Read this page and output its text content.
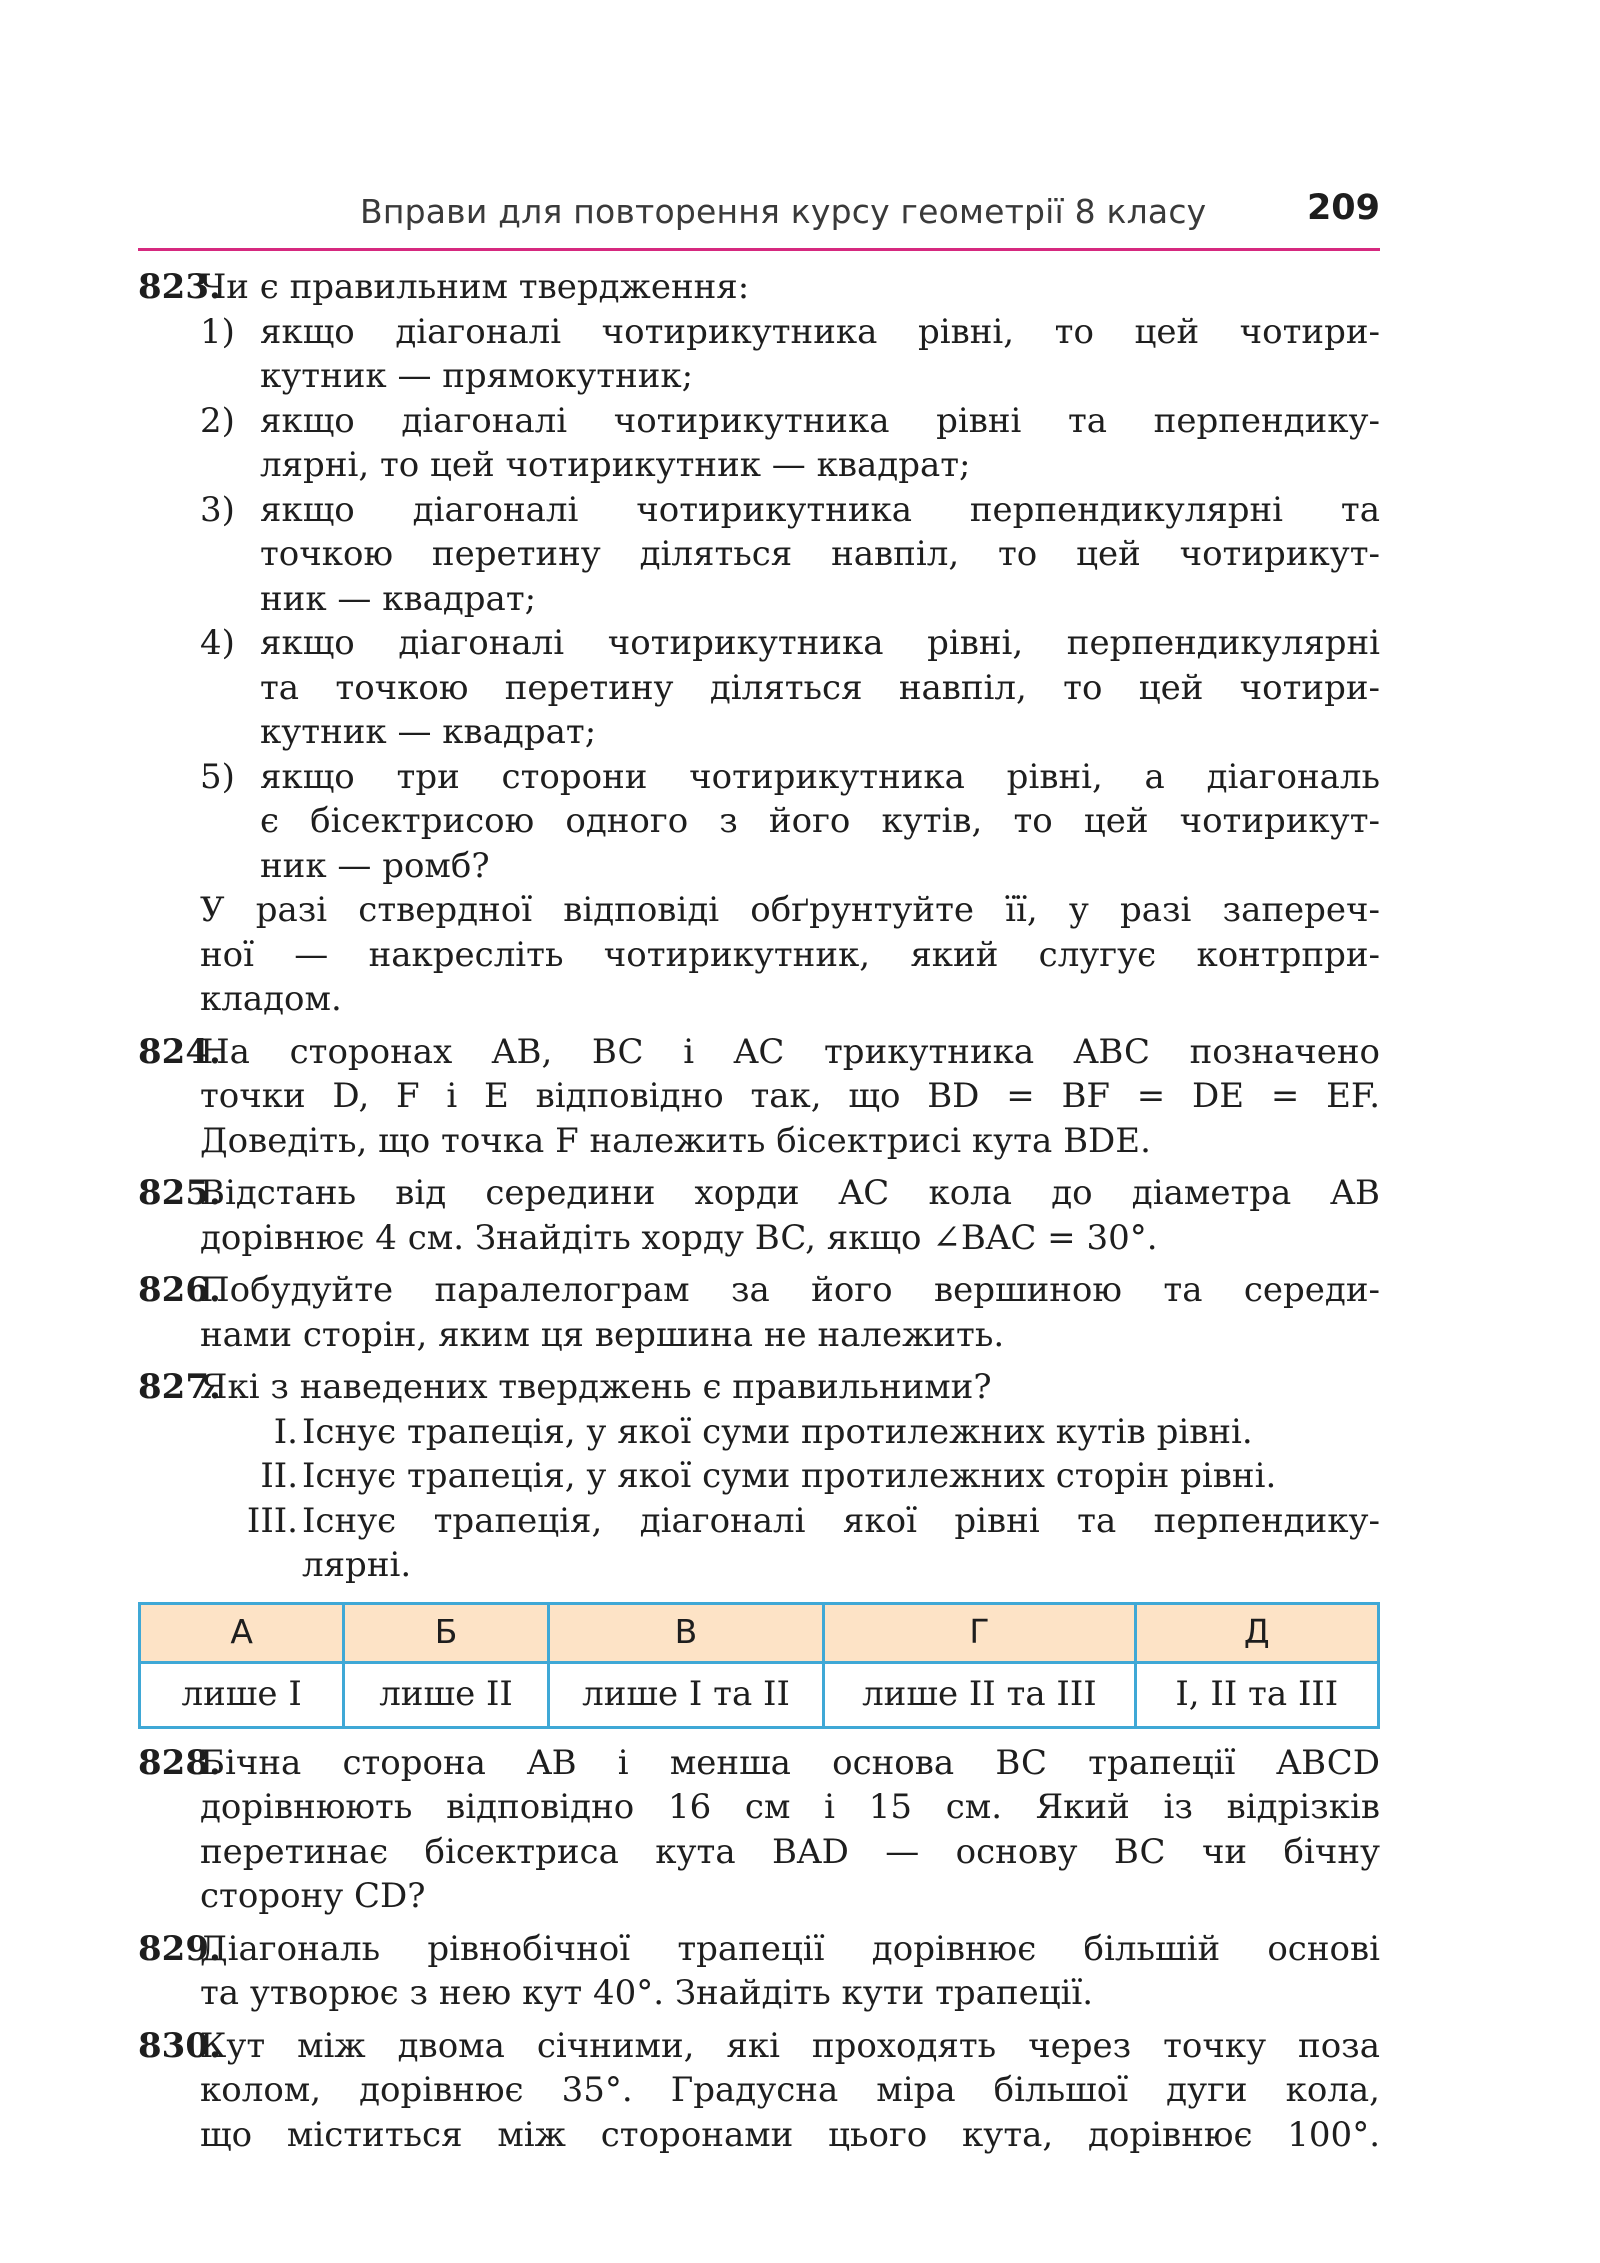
Вправи для повторення курсу геометрії 8 класу	209
823.
Чи є правильним твердження:
1) якщо діагоналі чотирикутника рівні, то цей чотири-
кутник — прямокутник;
2) якщо діагоналі чотирикутника рівні та перпендику-
лярні, то цей чотирикутник — квадрат;
3) якщо діагоналі чотирикутника перпендикулярні та
точкою перетину діляться навпіл, то цей чотирикут-
ник — квадрат;
4) якщо діагоналі чотирикутника рівні, перпендикулярні
та точкою перетину діляться навпіл, то цей чотири-
кутник — квадрат;
5) якщо три сторони чотирикутника рівні, а діагональ
є бісектрисою одного з його кутів, то цей чотирикут-
ник — ромб?
У разі ствердної відповіді обґрунтуйте її, у разі запереч-
ної — накресліть чотирикутник, який слугує контрпри-
кладом.
824.
На сторонах AB, BC і AC трикутника ABC позначено
точки D, F і E відповідно так, що BD = BF = DE = EF.
Доведіть, що точка F належить бісектрисі кута BDE.
825.
Відстань від середини хорди AC кола до діаметра AB
дорівнює 4 см. Знайдіть хорду BC, якщо ∠BAC = 30°.
826.
Побудуйте паралелограм за його вершиною та середи-
нами сторін, яким ця вершина не належить.
827.
Які з наведених тверджень є правильними?
I. Існує трапеція, у якої суми протилежних кутів рівні.
II. Існує трапеція, у якої суми протилежних сторін рівні.
III. Існує трапеція, діагоналі якої рівні та перпендику-
лярні.
А	Б	В	Г	Д
лише I	лише II	лише I та II	лише II та III	I, II та III
828.
Бічна сторона AB і менша основа BC трапеції ABCD
дорівнюють відповідно 16 см і 15 см. Який із відрізків
перетинає бісектриса кута BAD — основу BC чи бічну
сторону CD?
829.
Діагональ рівнобічної трапеції дорівнює більшій основі
та утворює з нею кут 40°. Знайдіть кути трапеції.
830.
Кут між двома січними, які проходять через точку поза
колом, дорівнює 35°. Градусна міра більшої дуги кола,
що міститься між сторонами цього кута, дорівнює 100°.
